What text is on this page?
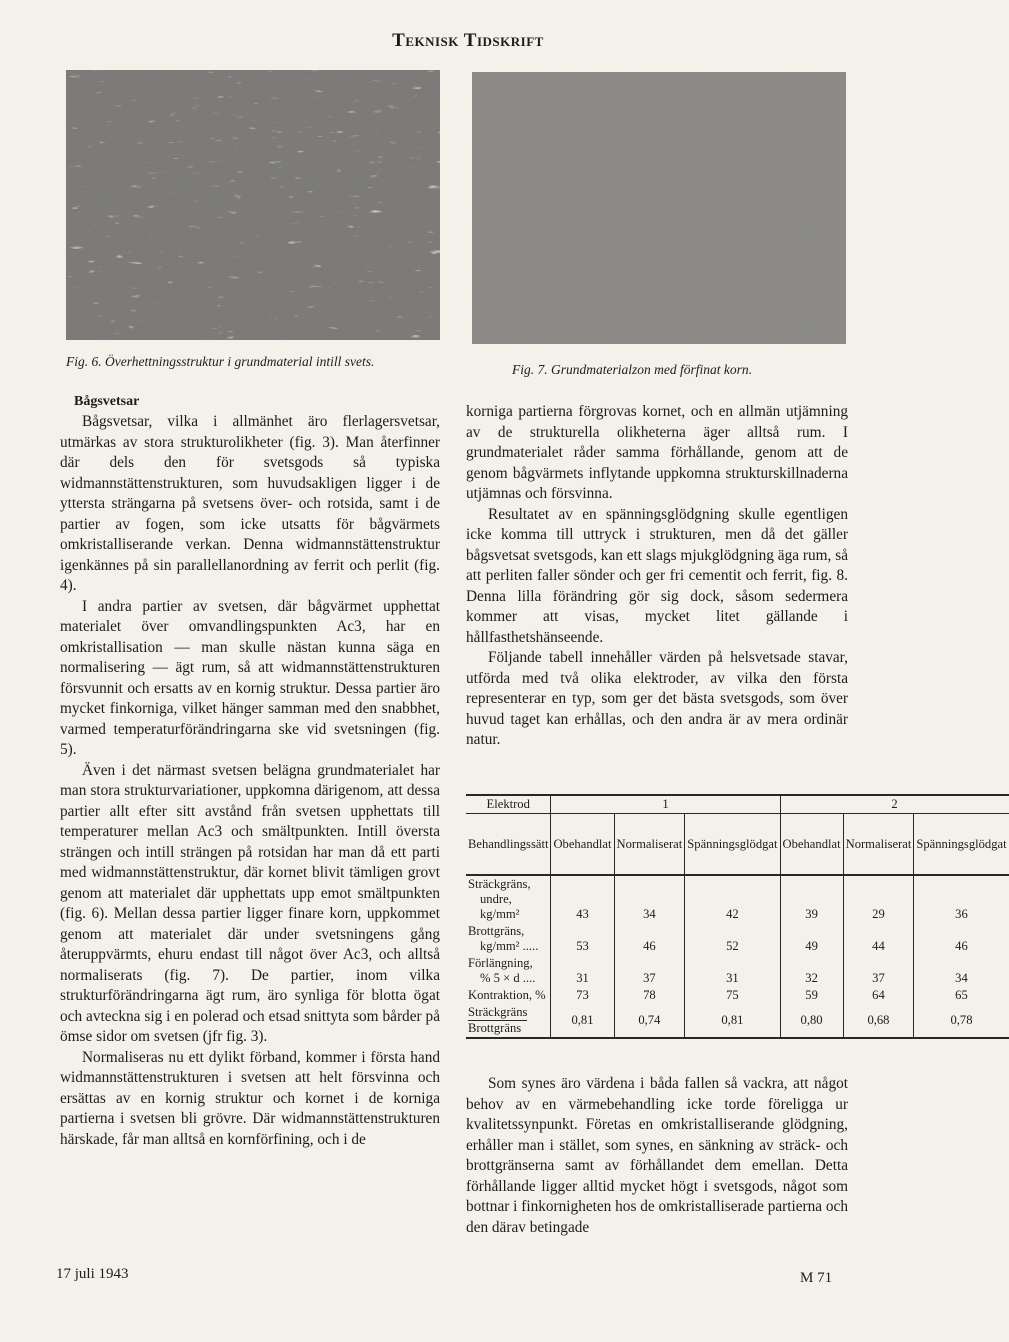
Teknisk Tidskrift
Fig. 6. Överhettningsstruktur i grundmaterial intill svets.
Fig. 7. Grundmaterialzon med förfinat korn.
Bågsvetsar

Bågsvetsar, vilka i allmänhet äro flerlagersvetsar, utmärkas av stora strukturolikheter (fig. 3). Man återfinner där dels den för svetsgods så typiska widmannstättenstrukturen, som huvudsakligen ligger i de yttersta strängarna på svetsens över- och rotsida, samt i de partier av fogen, som icke utsatts för bågvärmets omkristalliserande verkan. Denna widmannstättenstruktur igenkännes på sin parallellanordning av ferrit och perlit (fig. 4).

I andra partier av svetsen, där bågvärmet upphettat materialet över omvandlingspunkten Ac3, har en omkristallisation — man skulle nästan kunna säga en normalisering — ägt rum, så att widmannstättenstrukturen försvunnit och ersatts av en kornig struktur. Dessa partier äro mycket finkorniga, vilket hänger samman med den snabbhet, varmed temperaturförändringarna ske vid svetsningen (fig. 5).

Även i det närmast svetsen belägna grundmaterialet har man stora strukturvariationer, uppkomna därigenom, att dessa partier allt efter sitt avstånd från svetsen upphettats till temperaturer mellan Ac3 och smältpunkten. Intill översta strängen och intill strängen på rotsidan har man då ett parti med widmannstättenstruktur, där kornet blivit tämligen grovt genom att materialet där upphettats upp emot smältpunkten (fig. 6). Mellan dessa partier ligger finare korn, uppkommet genom att materialet där under svetsningens gång återuppvärmts, ehuru endast till något över Ac3, och alltså normaliserats (fig. 7). De partier, inom vilka strukturförändringarna ägt rum, äro synliga för blotta ögat och avteckna sig i en polerad och etsad snittyta som bårder på ömse sidor om svetsen (jfr fig. 3).

Normaliseras nu ett dylikt förband, kommer i första hand widmannstättenstrukturen i svetsen att helt försvinna och ersättas av en kornig struktur och kornet i de korniga partierna i svetsen bli grövre. Där widmannstättenstrukturen härskade, får man alltså en kornförfining, och i de

korniga partierna förgrovas kornet, och en allmän utjämning av de strukturella olikheterna äger alltså rum. I grundmaterialet råder samma förhållande, genom att de genom bågvärmets inflytande uppkomna strukturskillnaderna utjämnas och försvinna.

Resultatet av en spänningsglödgning skulle egentligen icke komma till uttryck i strukturen, men då det gäller bågsvetsat svetsgods, kan ett slags mjukglödgning äga rum, så att perliten faller sönder och ger fri cementit och ferrit, fig. 8. Denna lilla förändring gör sig dock, såsom sedermera kommer att visas, mycket litet gällande i hållfasthetshänseende.

Följande tabell innehåller värden på helsvetsade stavar, utförda med två olika elektroder, av vilka den första representerar en typ, som ger det bästa svetsgods, som över huvud taget kan erhållas, och den andra är av mera ordinär natur.

Elektrod	1			2		
Behandlingssätt	Obehandlat	Normaliserat	Spänningsglödgat	Obehandlat	Normaliserat	Spänningsglödgat

Sträckgräns,
undre, kg/mm²	43	34	42	39	29	36

Brottgräns,
kg/mm² .....	53	46	52	49	44	46

Förlängning,
% 5 × d ....	31	37	31	32	37	34

Kontraktion, %	73	78	75	59	64	65
Sträckgräns
Brottgräns	0,81	0,74	0,81	0,80	0,68	0,78

Som synes äro värdena i båda fallen så vackra, att något behov av en värmebehandling icke torde föreligga ur kvalitetssynpunkt. Företas en omkristalliserande glödgning, erhåller man i stället, som synes, en sänkning av sträck- och brottgränserna samt av förhållandet dem emellan. Detta förhållande ligger alltid mycket högt i svetsgods, något som bottnar i finkornigheten hos de omkristalliserade partierna och den därav betingade

17 juli 1943	M 71
